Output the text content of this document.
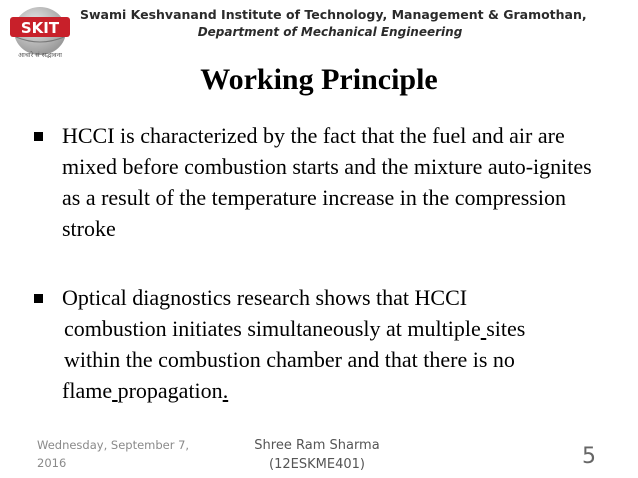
SKIT
आचारे सं सद्भावना
Swami Keshvanand Institute of Technology, Management & Gramothan,
Department of Mechanical Engineering
Working Principle
HCCI is characterized by the fact that the fuel and air are mixed before combustion starts and the mixture auto-ignites as a result of the temperature increase in the compression stroke
Optical diagnostics research shows that HCCI
combustion initiates simultaneously at multiple sites
within the combustion chamber and that there is no
flame propagation.
Wednesday, September 7,
2016
Shree Ram Sharma
(12ESKME401)	5
